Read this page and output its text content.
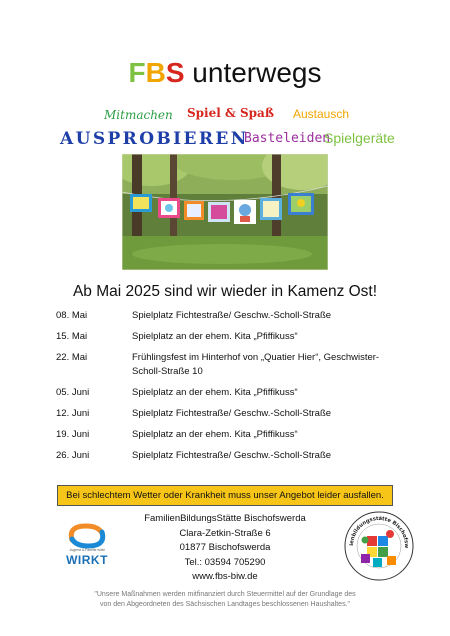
FBS unterwegs
Mitmachen Spiel & Spaß Austausch
AUSPROBIEREN
Basteleiden
Spielgeräte
Ab Mai 2025 sind wir wieder in Kamenz Ost!
08. Mai	Spielplatz Fichtestraße/ Geschw.-Scholl-Straße
15. Mai	Spielplatz an der ehem. Kita „Pfiffikuss“
22. Mai	Frühlingsfest im Hinterhof von „Quatier Hier“, Geschwister-Scholl-Straße 10
05. Juni	Spielplatz an der ehem. Kita „Pfiffikuss“
12. Juni	Spielplatz Fichtestraße/ Geschw.-Scholl-Straße
19. Juni	Spielplatz an der ehem. Kita „Pfiffikuss“
26. Juni	Spielplatz Fichtestraße/ Geschw.-Scholl-Straße
Bei schlechtem Wetter oder Krankheit muss unser Angebot leider ausfallen.
Jugend & Familie wirkt
WIRKT
FamilienBildungsStätte Bischofswerda
Clara-Zetkin-Straße 6
01877 Bischofswerda
Tel.: 03594 705290
www.fbs-biw.de
ienbildungsstätte Bischofsw
"Unsere Maßnahmen werden mitfinanziert durch Steuermittel auf der Grundlage des
von den Abgeordneten des Sächsischen Landtages beschlossenen Haushaltes."
